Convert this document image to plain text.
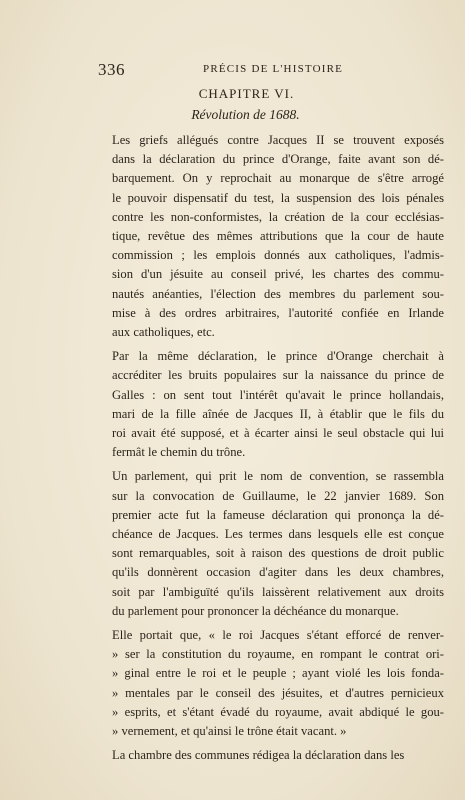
336	PRÉCIS DE L'HISTOIRE
CHAPITRE VI.
Révolution de 1688.
Les griefs allégués contre Jacques II se trouvent exposés
dans la déclaration du prince d'Orange, faite avant son dé-
barquement. On y reprochait au monarque de s'être arrogé
le pouvoir dispensatif du test, la suspension des lois pénales
contre les non-conformistes, la création de la cour ecclésias-
tique, revêtue des mêmes attributions que la cour de haute
commission ; les emplois donnés aux catholiques, l'admis-
sion d'un jésuite au conseil privé, les chartes des commu-
nautés anéanties, l'élection des membres du parlement sou-
mise à des ordres arbitraires, l'autorité confiée en Irlande
aux catholiques, etc.
Par la même déclaration, le prince d'Orange cherchait à
accréditer les bruits populaires sur la naissance du prince de
Galles : on sent tout l'intérêt qu'avait le prince hollandais,
mari de la fille aînée de Jacques II, à établir que le fils du
roi avait été supposé, et à écarter ainsi le seul obstacle qui lui
fermât le chemin du trône.
Un parlement, qui prit le nom de convention, se rassembla
sur la convocation de Guillaume, le 22 janvier 1689. Son
premier acte fut la fameuse déclaration qui prononça la dé-
chéance de Jacques. Les termes dans lesquels elle est conçue
sont remarquables, soit à raison des questions de droit public
qu'ils donnèrent occasion d'agiter dans les deux chambres,
soit par l'ambiguïté qu'ils laissèrent relativement aux droits
du parlement pour prononcer la déchéance du monarque.
Elle portait que, « le roi Jacques s'étant efforcé de renver-
» ser la constitution du royaume, en rompant le contrat ori-
» ginal entre le roi et le peuple ; ayant violé les lois fonda-
» mentales par le conseil des jésuites, et d'autres pernicieux
» esprits, et s'étant évadé du royaume, avait abdiqué le gou-
» vernement, et qu'ainsi le trône était vacant. »
La chambre des communes rédigea la déclaration dans les
